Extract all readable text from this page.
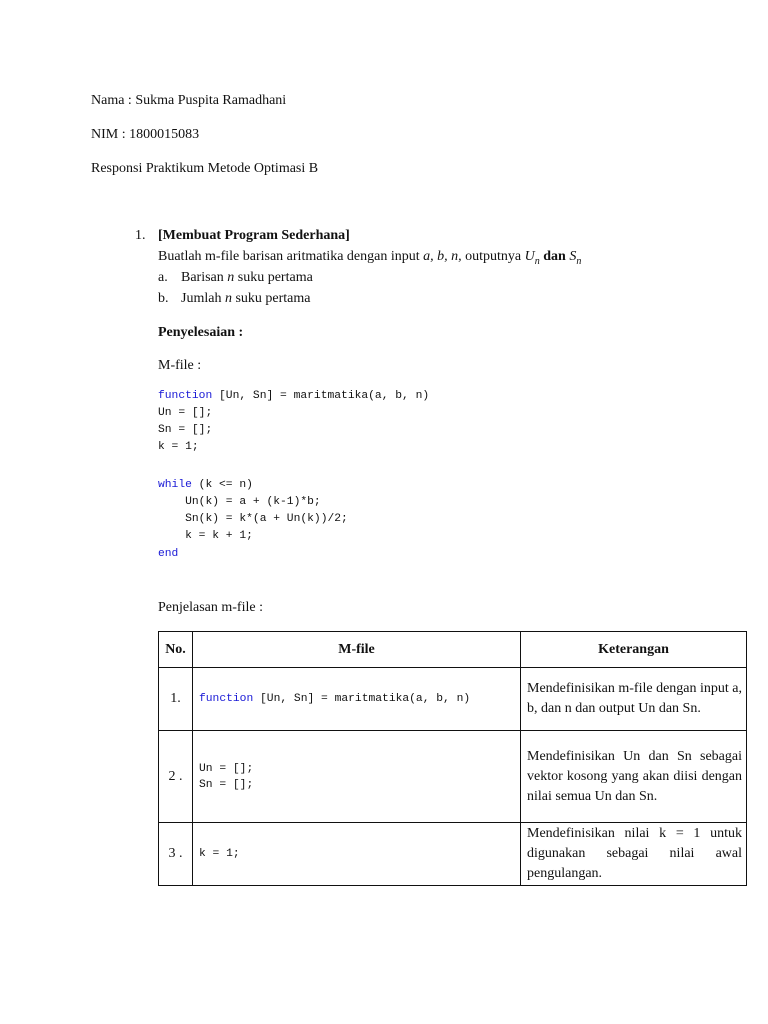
Nama : Sukma Puspita Ramadhani
NIM : 1800015083
Responsi Praktikum Metode Optimasi B
1. [Membuat Program Sederhana]
Buatlah m-file barisan aritmatika dengan input a, b, n, outputnya $U_n$ dan $S_n$
a. Barisan n suku pertama
b. Jumlah n suku pertama
Penyelesaian :
M-file :
function [Un, Sn] = maritmatika(a, b, n)
Un = [];
Sn = [];
k = 1;
while (k <= n)
Un(k) = a + (k-1)*b;
Sn(k) = k*(a + Un(k))/2;
k = k + 1;
end
Penjelasan m-file :
No.	M-file	Keterangan
1.	function [Un, Sn] = maritmatika(a, b, n)	Mendefinisikan m-file dengan input a, b, dan n dan output Un dan Sn.

2 .	Un = [];
Sn = [];	Mendefinisikan Un dan Sn sebagai vektor kosong yang akan diisi dengan nilai semua Un dan Sn.

3 .	k = 1;	Mendefinisikan nilai k = 1 untuk digunakan sebagai nilai awal pengulangan.
